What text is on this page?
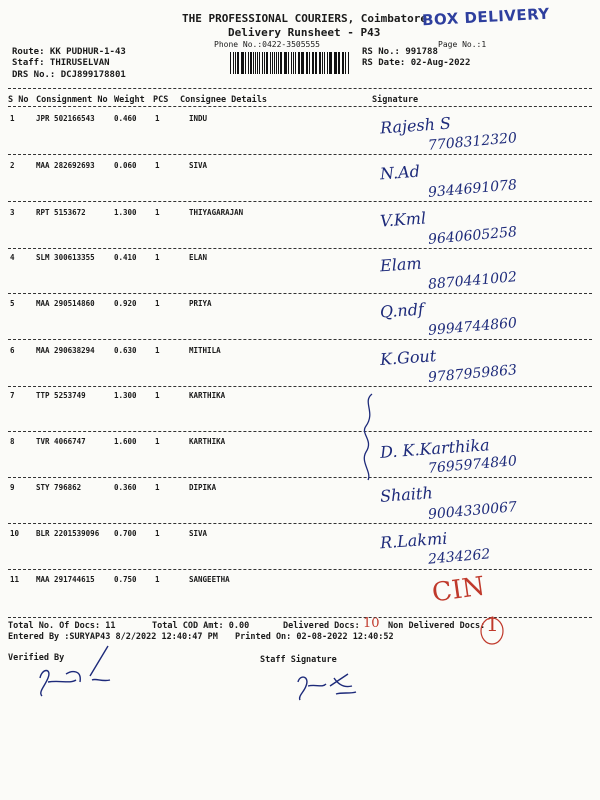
THE PROFESSIONAL COURIERS, Coimbatore
BOX DELIVERY
Delivery Runsheet - P43
Phone No.:0422-3505555	Page No.:1
Route: KK PUDHUR-1-43
Staff: THIRUSELVAN
DRS No.: DCJ899178801
RS No.: 991788
RS Date: 02-Aug-2022
S No Consignment No Weight PCS Consignee Details	Signature
1	JPR 502166543	0.460 1	INDU	Rajesh S
7708312320
2	MAA 282692693	0.060 1	SIVA	N.Ad
9344691078
3	RPT 5153672	1.300 1	THIYAGARAJAN	V.Kml
9640605258
4	SLM 300613355	0.410 1	ELAN	Elam
8870441002
5	MAA 290514860	0.920 1	PRIYA	Q.ndf
9994744860
6	MAA 290638294	0.630 1	MITHILA	K.Gout
9787959863
7	TTP 5253749	1.300 1	KARTHIKA
8	TVR 4066747	1.600 1	KARTHIKA	D. K.Karthika
7695974840
9	STY 796862	0.360 1	DIPIKA	Shaith
9004330067
10 BLR 2201539096 0.700 1	SIVA	R.Lakmi
2434262
11 MAA 291744615	0.750 1	SANGEETHA	CIN
Total No. Of Docs: 11	Total COD Amt: 0.00	Delivered Docs: 10 Non Delivered Docs: 1
Entered By :SURYAP43 8/2/2022 12:40:47 PM Printed On: 02-08-2022 12:40:52
Verified By	Staff Signature
